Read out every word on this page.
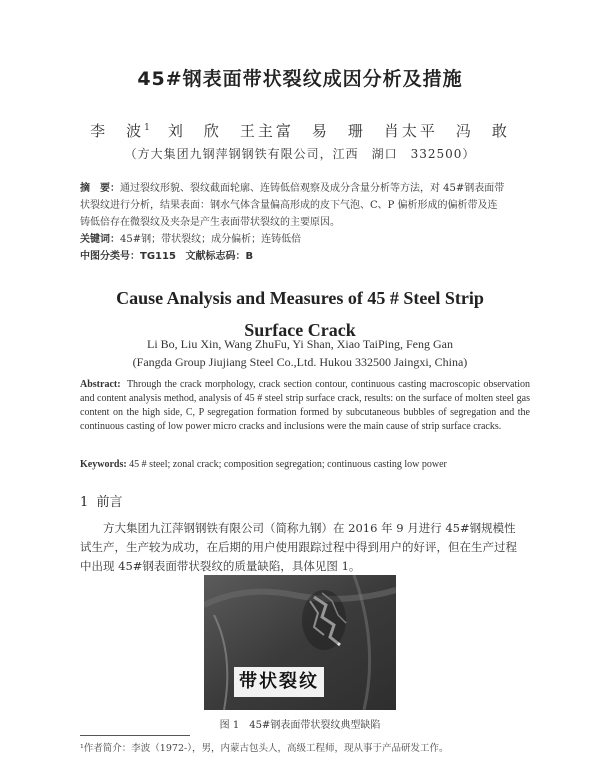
45#钢表面带状裂纹成因分析及措施
李　波$^1$　刘　欣　王主富　易　珊　肖太平　冯　敢
（方大集团九钢萍钢钢铁有限公司，江西　湖口　332500）
摘　要：通过裂纹形貌、裂纹截面轮廓、连铸低倍观察及成分含量分析等方法，对 45#钢表面带
状裂纹进行分析，结果表面：钢水气体含量偏高形成的皮下气泡、C、P 偏析形成的偏析带及连
铸低倍存在微裂纹及夹杂是产生表面带状裂纹的主要原因。
关键词：45#钢；带状裂纹；成分偏析；连铸低倍
中图分类号：TG115 文献标志码：B
Cause Analysis and Measures of 45 # Steel Strip
Surface Crack
Li Bo, Liu Xin, Wang ZhuFu, Yi Shan, Xiao TaiPing, Feng Gan
(Fangda Group Jiujiang Steel Co.,Ltd. Hukou 332500 Jaingxi, China)
Abstract: Through the crack morphology, crack section contour, continuous casting macroscopic observation and content analysis method, analysis of 45 # steel strip surface crack, results: on the surface of molten steel gas content on the high side, C, P segregation formation formed by subcutaneous bubbles of segregation and the continuous casting of low power micro cracks and inclusions were the main cause of strip surface cracks.
Keywords: 45 # steel; zonal crack; composition segregation; continuous casting low power
1 前言
方大集团九江萍钢钢铁有限公司（简称九钢）在 2016 年 9 月进行 45#钢规模性试生产，生产较为成功，在后期的用户使用跟踪过程中得到用户的好评，但在生产过程中出现 45#钢表面带状裂纹的质量缺陷，具体见图 1。
带状裂纹
图 1　45#钢表面带状裂纹典型缺陷
¹作者简介：李波（1972-），男，内蒙古包头人，高级工程师，现从事于产品研发工作。
